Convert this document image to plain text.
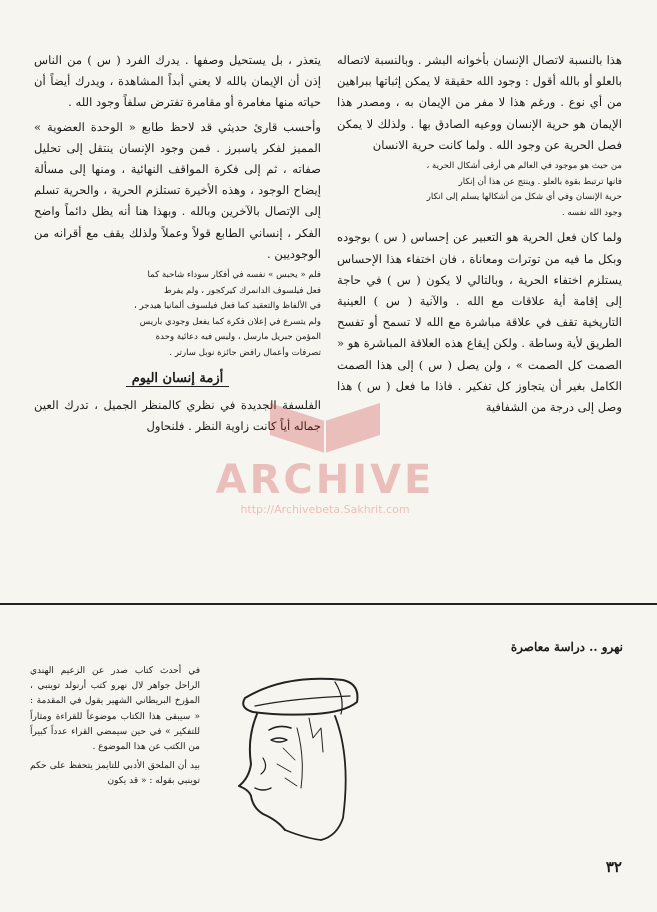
هذا بالنسبة لاتصال الإنسان بأخوانه البشر . وبالنسبة لاتصاله بالعلو أو بالله أقول : وجود الله حقيقة لا يمكن إثباتها ببراهين من أي نوع . ورغم هذا لا مفر من الإيمان به ، ومصدر هذا الإيمان هو حرية الإنسان ووعيه الصادق بها . ولذلك لا يمكن فصل الحرية عن وجود الله . ولما كانت حرية الانسان

من حيث هو موجود في العالم هي أرقى أشكال الحرية ،

فانها ترتبط بقوة بالعلو . وينتج عن هذا أن إنكار

حرية الإنسان وفي أي شكل من أشكالها يسلم إلى انكار

وجود الله نفسه .

ولما كان فعل الحرية هو التعبير عن إحساس ( س ) بوجوده وبكل ما فيه من توترات ومعاناة ، فان اختفاء هذا الإحساس يستلزم اختفاء الحرية ، وبالتالي لا يكون ( س ) في حاجة إلى إقامة أية علاقات مع الله . والآنية ( س ) العينية التاريخية تقف في علاقة مباشرة مع الله لا تسمح أو تفسح الطريق لأية وساطة . ولكن إيقاع هذه العلاقة المباشرة هو « الصمت كل الصمت » ، ولن يصل ( س ) إلى هذا الصمت الكامل بغير أن يتجاوز كل تفكير . فاذا ما فعل ( س ) هذا وصل إلى درجة من الشفافية

يتعذر ، بل يستحيل وصفها . يدرك الفرد ( س ) من الناس إذن أن الإيمان بالله لا يعني أبداً المشاهدة ، ويدرك أيضاً أن حياته منها مغامرة أو مقامرة تفترض سلفاً وجود الله .

وأحسب قارئ حديثي قد لاحظ طابع « الوحدة العضوية » المميز لفكر ياسبرز . فمن وجود الإنسان ينتقل إلى تحليل صفاته ، ثم إلى فكرة المواقف النهائية ، ومنها إلى مسألة إيضاح الوجود ، وهذه الأخيرة تستلزم الحرية ، والحرية تسلم إلى الإتصال بالآخرين وبالله . وبهذا هنا أنه يظل دائماً واضح الفكر ، إنساني الطابع قولاً وعملاً ولذلك يقف مع أقرانه من الوجوديين .

فلم « يحبس » نفسه في أفكار سوداء شاحبة كما

فعل فيلسوف الدانمرك كيركجور ، ولم يفرط

في الألفاظ والتعقيد كما فعل فيلسوف ألمانيا هيدجر ،

ولم يتسرع في إعلان فكرة كما يفعل وجودي باريس

المؤمن جبريل مارسل ، وليس فيه دعائية وحدة

تصرفات وأعمال رافض جائزة نوبل سارتر .

أزمة إنسان اليوم

الفلسفة الجديدة في نظري كالمنظر الجميل ، تدرك العين جماله أياً كانت زاوية النظر . فلنحاول

ARCHIVE
http://Archivebeta.Sakhrit.com
نهرو .. دراسة معاصرة

في أحدث كتاب صدر عن الزعيم الهندي الراحل جواهر لال نهرو كتب أرنولد توينبي ، المؤرخ البريطاني الشهير يقول في المقدمة : « سيبقى هذا الكتاب موضوعاً للقراءة ومثاراً للتفكير » في حين سيمضي القراء عدداً كبيراً من الكتب عن هذا الموضوع .

بيد أن الملحق الأدبي للتايمز يتحفظ على حكم توينبي بقوله : « قد يكون

٣٢
